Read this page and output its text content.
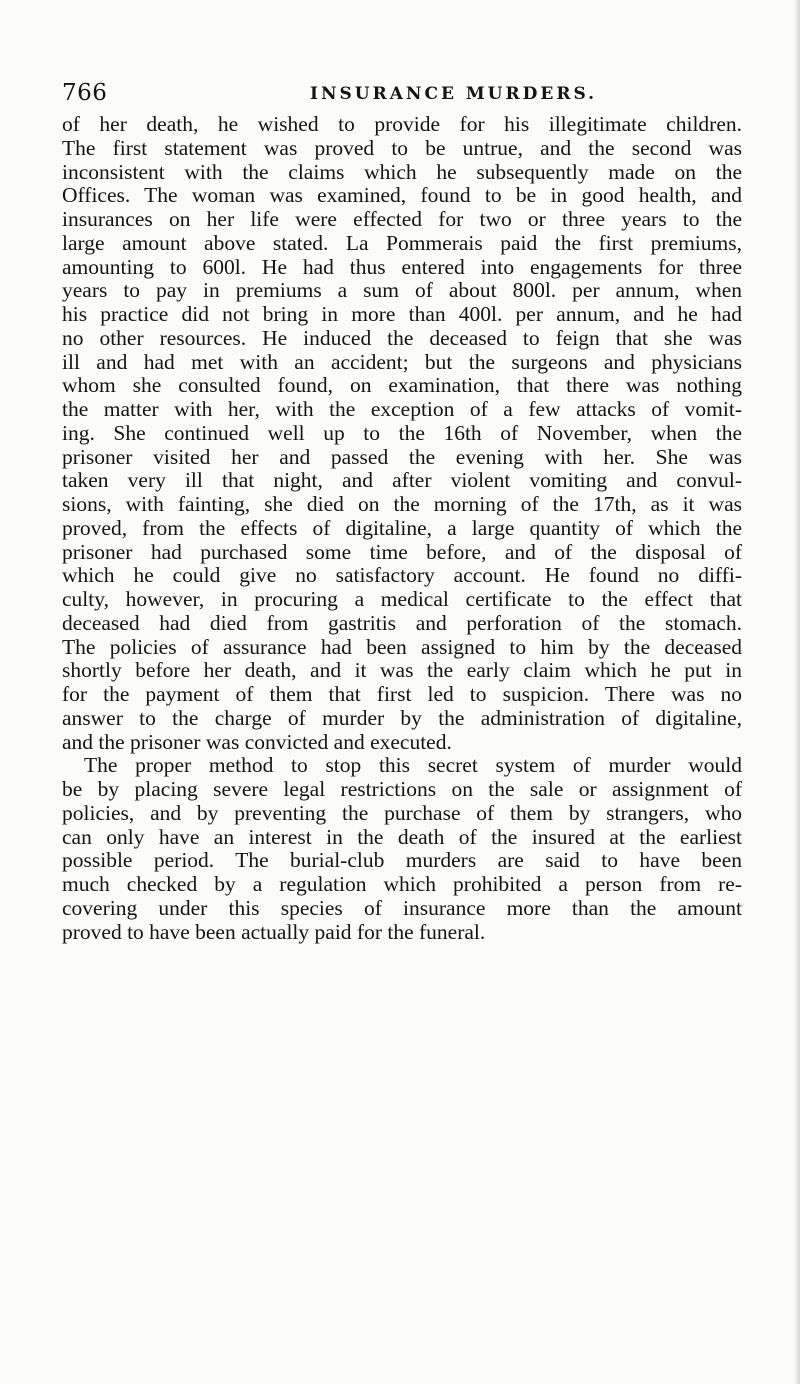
766	INSURANCE MURDERS.
of her death, he wished to provide for his illegitimate children.
The first statement was proved to be untrue, and the second was
inconsistent with the claims which he subsequently made on the
Offices. The woman was examined, found to be in good health, and
insurances on her life were effected for two or three years to the
large amount above stated. La Pommerais paid the first premiums,
amounting to 600l. He had thus entered into engagements for three
years to pay in premiums a sum of about 800l. per annum, when
his practice did not bring in more than 400l. per annum, and he had
no other resources. He induced the deceased to feign that she was
ill and had met with an accident; but the surgeons and physicians
whom she consulted found, on examination, that there was nothing
the matter with her, with the exception of a few attacks of vomit-
ing. She continued well up to the 16th of November, when the
prisoner visited her and passed the evening with her. She was
taken very ill that night, and after violent vomiting and convul-
sions, with fainting, she died on the morning of the 17th, as it was
proved, from the effects of digitaline, a large quantity of which the
prisoner had purchased some time before, and of the disposal of
which he could give no satisfactory account. He found no diffi-
culty, however, in procuring a medical certificate to the effect that
deceased had died from gastritis and perforation of the stomach.
The policies of assurance had been assigned to him by the deceased
shortly before her death, and it was the early claim which he put in
for the payment of them that first led to suspicion. There was no
answer to the charge of murder by the administration of digitaline,
and the prisoner was convicted and executed.
The proper method to stop this secret system of murder would
be by placing severe legal restrictions on the sale or assignment of
policies, and by preventing the purchase of them by strangers, who
can only have an interest in the death of the insured at the earliest
possible period. The burial-club murders are said to have been
much checked by a regulation which prohibited a person from re-
covering under this species of insurance more than the amount
proved to have been actually paid for the funeral.
